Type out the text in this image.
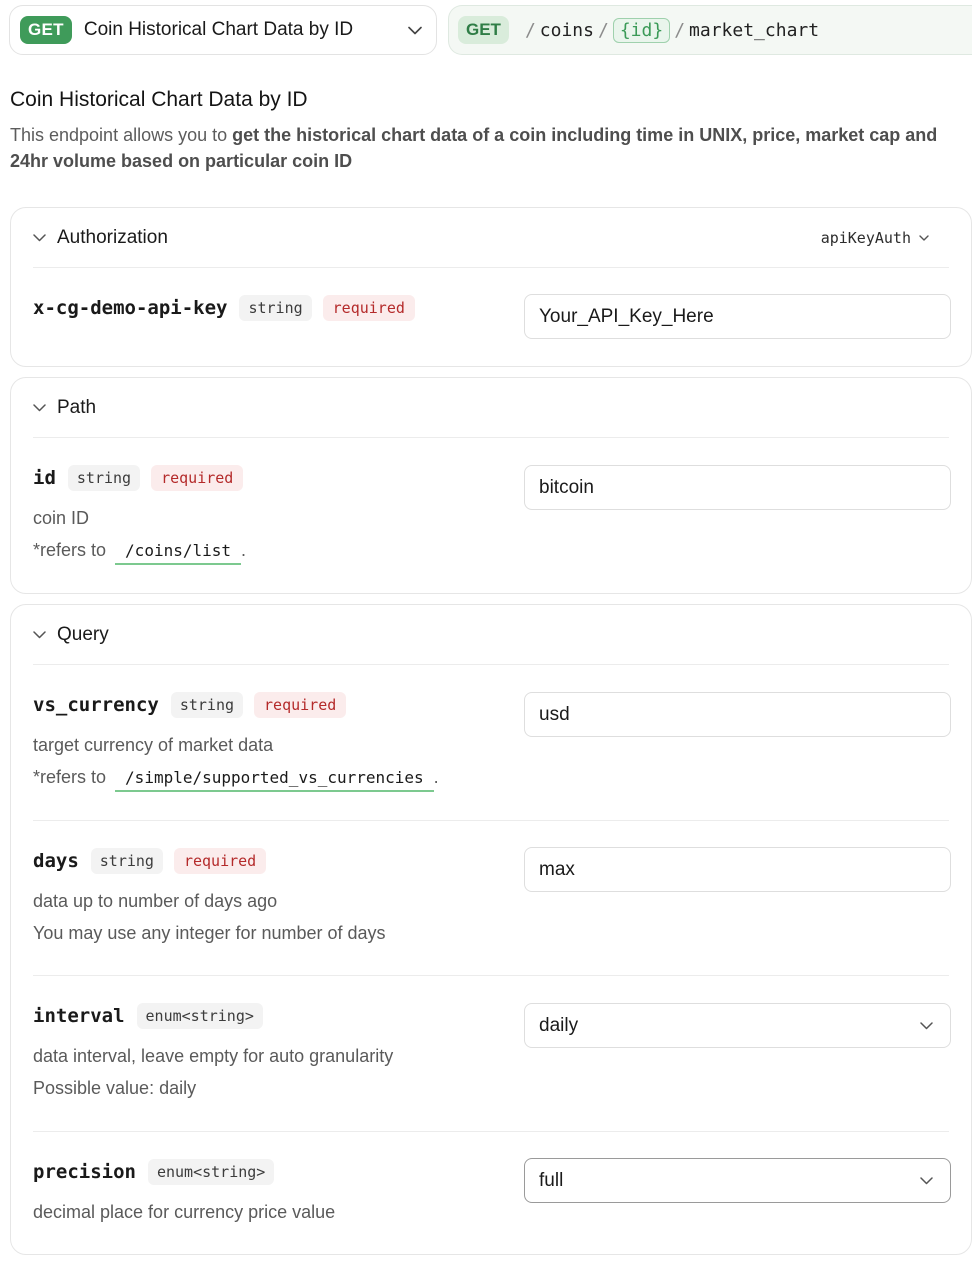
GET	Coin Historical Chart Data by ID	GET	/ coins / {id} / market_chart
Coin Historical Chart Data by ID
This endpoint allows you to get the historical chart data of a coin including time in UNIX, price, market cap and 24hr volume based on particular coin ID
Authorization	apiKeyAuth
x-cg-demo-api-key	string	required	Your_API_Key_Here
Path
id	string	required
coin ID
*refers to /coins/list .
bitcoin
Query
vs_currency	string	required
target currency of market data
*refers to /simple/supported_vs_currencies .
usd
days	string	required
data up to number of days ago
You may use any integer for number of days
max
interval	enum<string>
data interval, leave empty for auto granularity
Possible value: daily
daily
precision	enum<string>
decimal place for currency price value
full
